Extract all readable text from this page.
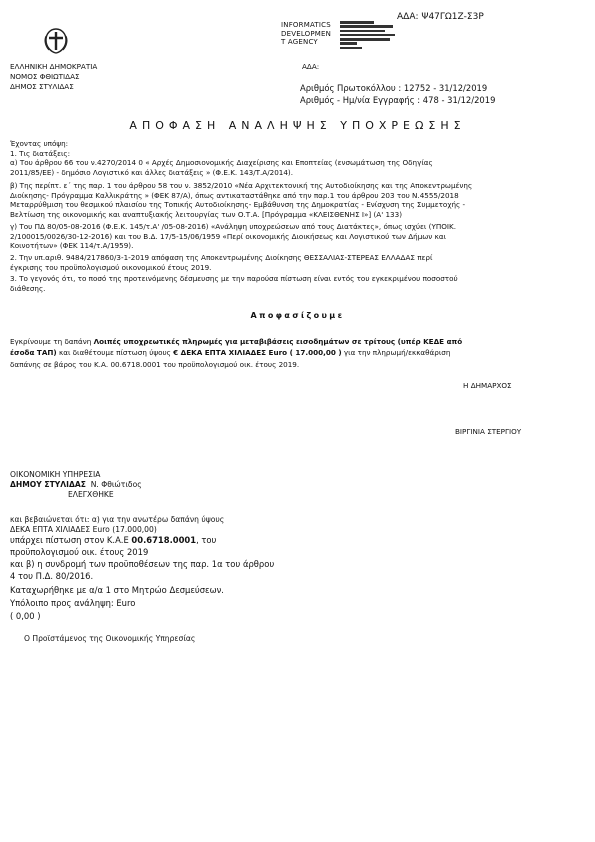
ΑΔΑ: Ψ47ΓΩ1Ζ-Σ3Ρ
INFORMATICS
DEVELOPMEN
T AGENCY
ΕΛΛΗΝΙΚΗ ΔΗΜΟΚΡΑΤΙΑ
ΝΟΜΟΣ ΦΘΙΩΤΙΔΑΣ
ΔΗΜΟΣ ΣΤΥΛΙΔΑΣ
ΑΔΑ:
Αριθμός Πρωτοκόλλου : 12752 - 31/12/2019
Αριθμός - Ημ/νία Εγγραφής : 478 - 31/12/2019
ΑΠΟΦΑΣΗ ΑΝΑΛΗΨΗΣ ΥΠΟΧΡΕΩΣΗΣ
Έχοντας υπόψη:
1. Τις διατάξεις:
α) Του άρθρου 66 του ν.4270/2014 0 « Αρχές Δημοσιονομικής Διαχείρισης και Εποπτείας (ενσωμάτωση της Οδηγίας
2011/85/ΕΕ) - δημόσιο Λογιστικό και άλλες διατάξεις » (Φ.Ε.Κ. 143/Τ.Α/2014).
β) Της περίπτ. ε΄ της παρ. 1 του άρθρου 58 του ν. 3852/2010 «Νέα Αρχιτεκτονική της Αυτοδιοίκησης και της Αποκεντρωμένης
Διοίκησης- Πρόγραμμα Καλλικράτης » (ΦΕΚ 87/Α), όπως αντικαταστάθηκε από την παρ.1 του άρθρου 203 του Ν.4555/2018
Μεταρρύθμιση του θεσμικού πλαισίου της Τοπικής Αυτοδιοίκησης- Εμβάθυνση της Δημοκρατίας - Ενίσχυση της Συμμετοχής -
Βελτίωση της οικονομικής και αναπτυξιακής λειτουργίας των Ο.Τ.Α. [Πρόγραμμα «ΚΛΕΙΣΘΕΝΗΣ Ι»] (Α' 133)
γ) Του ΠΔ 80/05-08-2016 (Φ.Ε.Κ. 145/τ.Α' /05-08-2016) «Ανάληψη υποχρεώσεων από τους Διατάκτες», όπως ισχύει (ΥΠΟΙΚ.
2/100015/0026/30-12-2016) και του Β.Δ. 17/5-15/06/1959 «Περί οικονομικής Διοικήσεως και Λογιστικού των Δήμων και
Κοινοτήτων» (ΦΕΚ 114/τ.Α/1959).
2. Την υπ.αριθ. 9484/217860/3-1-2019 απόφαση της Αποκεντρωμένης Διοίκησης ΘΕΣΣΑΛΙΑΣ-ΣΤΕΡΕΑΣ ΕΛΛΑΔΑΣ περί
έγκρισης του προϋπολογισμού οικονομικού έτους 2019.
3. Το γεγονός ότι, το ποσό της προτεινόμενης δέσμευσης με την παρούσα πίστωση είναι εντός του εγκεκριμένου ποσοστού
διάθεσης.
Αποφασίζουμε
Εγκρίνουμε τη δαπάνη Λοιπές υποχρεωτικές πληρωμές για μεταβιβάσεις εισοδημάτων σε τρίτους (υπέρ ΚΕΔΕ από
έσοδα ΤΑΠ) και διαθέτουμε πίστωση ύψους € ΔΕΚΑ ΕΠΤΑ ΧΙΛΙΑΔΕΣ Euro ( 17.000,00 ) για την πληρωμή/εκκαθάριση
δαπάνης σε βάρος του Κ.Α. 00.6718.0001 του προϋπολογισμού οικ. έτους 2019.
Η ΔΗΜΑΡΧΟΣ
ΒΙΡΓΙΝΙΑ ΣΤΕΡΓΙΟΥ
ΟΙΚΟΝΟΜΙΚΗ ΥΠΗΡΕΣΙΑ
ΔΗΜΟΥ ΣΤΥΛΙΔΑΣ Ν. Φθιώτιδος
ΕΛΕΓΧΘΗΚΕ
και βεβαιώνεται ότι: α) για την ανωτέρω δαπάνη ύψους
ΔΕΚΑ ΕΠΤΑ ΧΙΛΙΑΔΕΣ Euro (17.000,00)
υπάρχει πίστωση στον Κ.Α.Ε 00.6718.0001, του
προϋπολογισμού οικ. έτους 2019
και β) η συνδρομή των προϋποθέσεων της παρ. 1α του άρθρου
4 του Π.Δ. 80/2016.
Καταχωρήθηκε με α/α 1 στο Μητρώο Δεσμεύσεων.
Υπόλοιπο προς ανάληψη: Euro
( 0,00 )
Ο Προϊστάμενος της Οικονομικής Υπηρεσίας
